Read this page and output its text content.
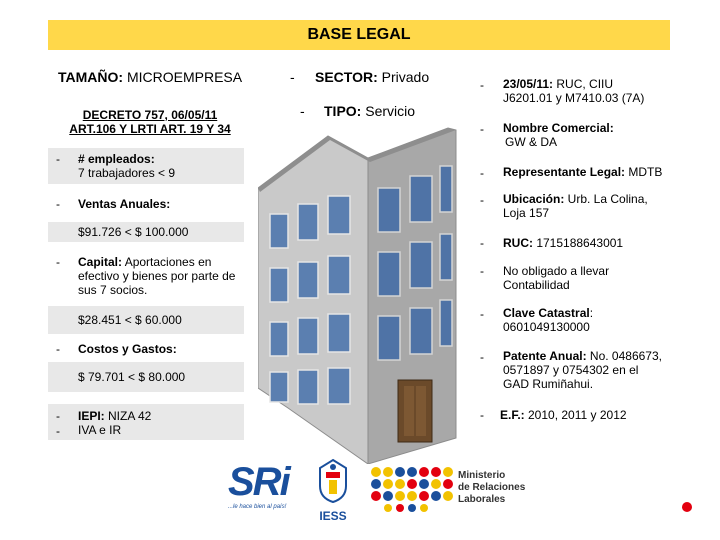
BASE LEGAL
TAMAÑO: MICROEMPRESA
DECRETO 757, 06/05/11
ART.106 Y LRTI ART. 19 Y 34
- # empleados:
7 trabajadores < 9
- Ventas Anuales:
$91.726 < $ 100.000
- Capital: Aportaciones en
efectivo y bienes por parte de
sus 7 socios.
$28.451 < $ 60.000
- Costos y Gastos:
$ 79.701 < $ 80.000
-
-
IEPI: NIZA 42
IVA e IR
- SECTOR: Privado
- TIPO: Servicio
- 23/05/11: RUC, CIIU
J6201.01 y M7410.03 (7A)
- Nombre Comercial:
GW & DA
- Representante Legal: MDTB
- Ubicación: Urb. La Colina,
Loja 157
- RUC: 1715188643001
- No obligado a llevar
Contabilidad
- Clave Catastral:
0601049130000
- Patente Anual: No. 0486673,
0571897 y 0754302 en el
GAD Rumiñahui.
- E.F.: 2010, 2011 y 2012
SRi
...le hace bien al país!
IESS
Ministerio
de Relaciones
Laborales
